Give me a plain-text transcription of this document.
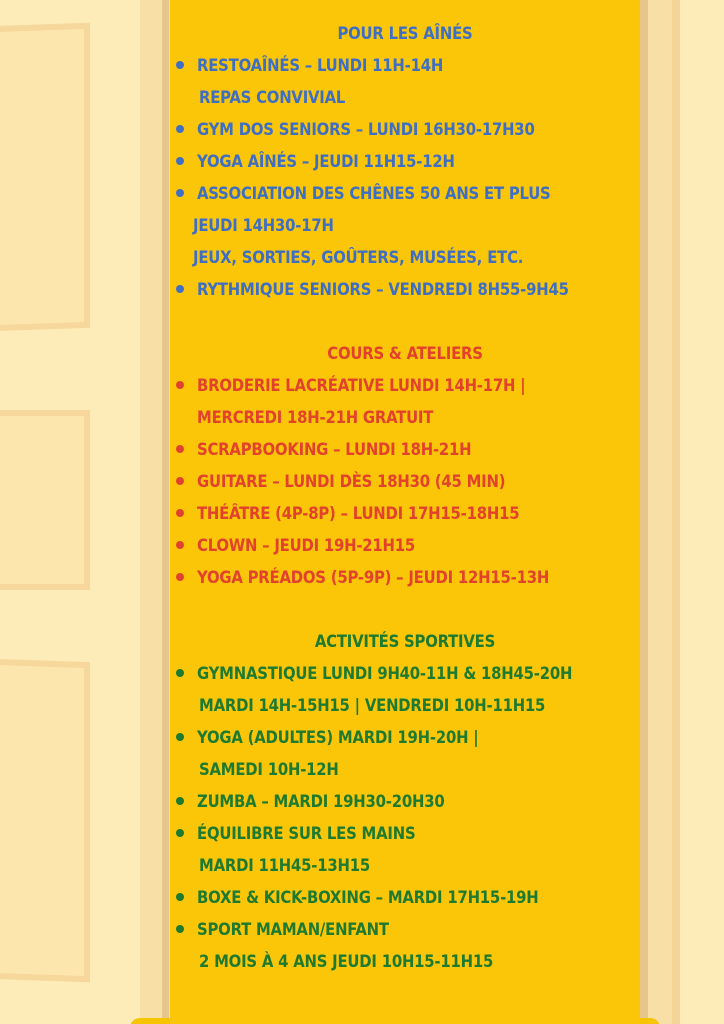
POUR LES AÎNÉS
RESTOAÎNÉS – LUNDI 11H-14H
REPAS CONVIVIAL
GYM DOS SENIORS – LUNDI 16H30-17H30
YOGA AÎNÉS – JEUDI 11H15-12H
ASSOCIATION DES CHÊNES 50 ANS ET PLUS
JEUDI 14H30-17H
JEUX, SORTIES, GOÛTERS, MUSÉES, ETC.
RYTHMIQUE SENIORS – VENDREDI 8H55-9H45
COURS & ATELIERS
BRODERIE LACRÉATIVE LUNDI 14H-17H |
MERCREDI 18H-21H GRATUIT
SCRAPBOOKING – LUNDI 18H-21H
GUITARE – LUNDI DÈS 18H30 (45 MIN)
THÉÂTRE (4P-8P) – LUNDI 17H15-18H15
CLOWN – JEUDI 19H-21H15
YOGA PRÉADOS (5P-9P) – JEUDI 12H15-13H
ACTIVITÉS SPORTIVES
GYMNASTIQUE LUNDI 9H40-11H & 18H45-20H
MARDI 14H-15H15 | VENDREDI 10H-11H15
YOGA (ADULTES) MARDI 19H-20H |
SAMEDI 10H-12H
ZUMBA – MARDI 19H30-20H30
ÉQUILIBRE SUR LES MAINS
MARDI 11H45-13H15
BOXE & KICK-BOXING – MARDI 17H15-19H
SPORT MAMAN/ENFANT
2 MOIS À 4 ANS JEUDI 10H15-11H15
